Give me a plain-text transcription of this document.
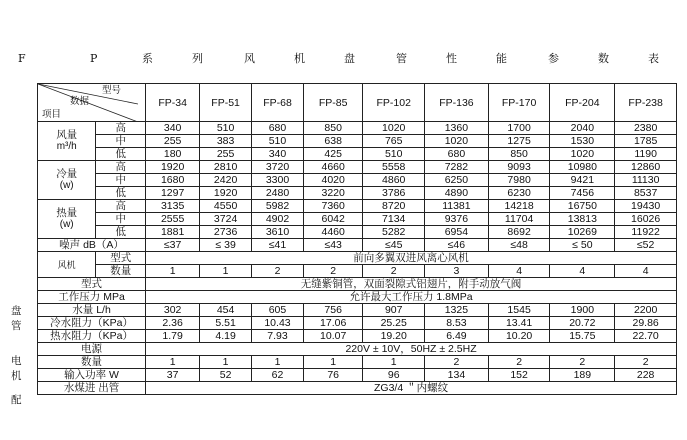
F	P	系	列	风	机	盘	管	性	能	参	数	表
盘
管
电
机
配
型号
数据
项目		FP-34	FP-51	FP-68	FP-85	FP-102	FP-136	FP-170	FP-204	FP-238
风量
m³/h	高	340	510	680	850	1020	1360	1700	2040	2380
	中	255	383	510	638	765	1020	1275	1530	1785
	低	180	255	340	425	510	680	850	1020	1190
冷量
(w)	高	1920	2810	3720	4660	5558	7282	9093	10980	12860
	中	1680	2420	3300	4020	4860	6250	7980	9421	11130
	低	1297	1920	2480	3220	3786	4890	6230	7456	8537
热量
(w)	高	3135	4550	5982	7360	8720	11381	14218	16750	19430
	中	2555	3724	4902	6042	7134	9376	11704	13813	16026
	低	1881	2736	3610	4460	5282	6954	8692	10269	11922
噪声 dB（A）		≤37	≤ 39	≤41	≤43	≤45	≤46	≤48	≤ 50	≤52
风机	型式	前向多翼双进风离心风机								
	数量	1	1	2	2	2	3	4	4	4
型式		无缝紫铜管，双面裂隙式铝翅片，附手动放气阀								
工作压力 MPa		允许最大工作压力 1.8MPa								
水量 L/h		302	454	605	756	907	1325	1545	1900	2200
冷水阻力（KPa）		2.36	5.51	10.43	17.06	25.25	8.53	13.41	20.72	29.86
热水阻力（KPa）		1.79	4.19	7.93	10.07	19.20	6.49	10.20	15.75	22.70
电源		220V ± 10V，50HZ ± 2.5HZ								
数量		1	1	1	1	1	2	2	2	2
输入功率 W		37	52	62	76	96	134	152	189	228
水煤进 出管		ZG3/4 ＂内螺纹								
